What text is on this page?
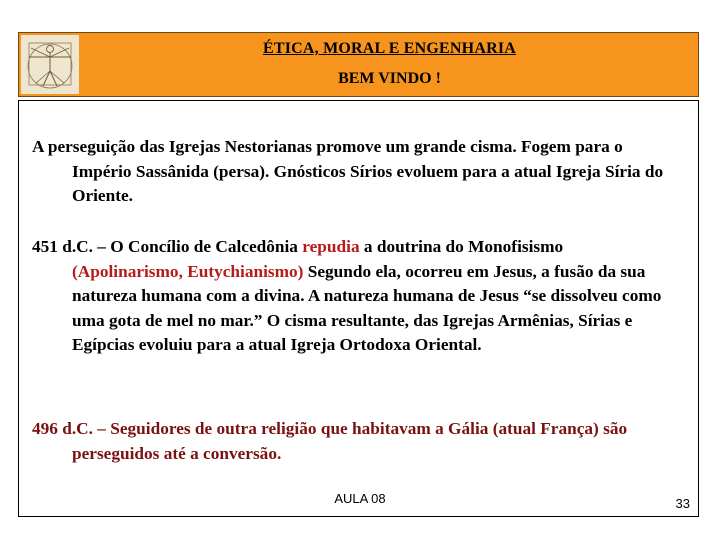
ÉTICA, MORAL E ENGENHARIA
BEM VINDO !
A perseguição das Igrejas Nestorianas promove um grande cisma. Fogem para o Império Sassânida (persa). Gnósticos Sírios evoluem para a atual Igreja Síria do Oriente.
451 d.C. – O Concílio de Calcedônia repudia a doutrina do Monofisismo (Apolinarismo, Eutychianismo) Segundo ela, ocorreu em Jesus, a fusão da sua natureza humana com a divina. A natureza humana de Jesus “se dissolveu como uma gota de mel no mar.” O cisma resultante, das Igrejas Armênias, Sírias e Egípcias evoluiu para a atual Igreja Ortodoxa Oriental.
496 d.C. – Seguidores de outra religião que habitavam a Gália (atual França) são perseguidos até a conversão.
AULA 08	33
